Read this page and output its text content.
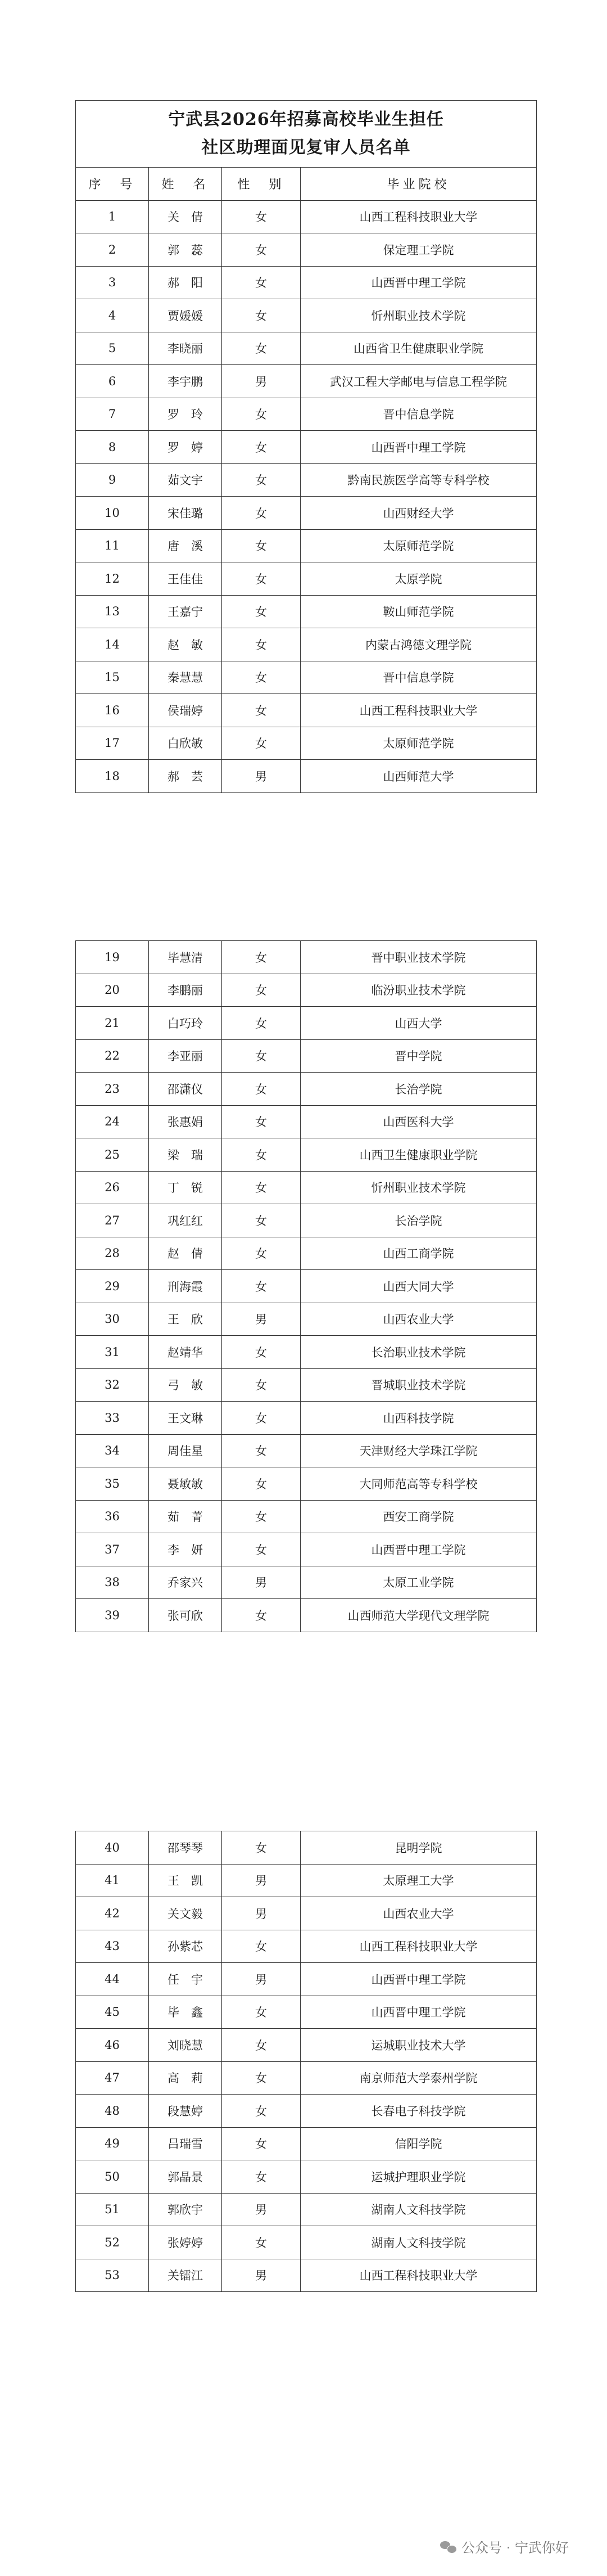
宁武县2026年招募高校毕业生担任
社区助理面见复审人员名单			

序　号	姓　名	性　别	毕业院校
1	关　倩	女	山西工程科技职业大学
2	郭　蕊	女	保定理工学院
3	郝　阳	女	山西晋中理工学院
4	贾媛媛	女	忻州职业技术学院
5	李晓丽	女	山西省卫生健康职业学院
6	李宇鹏	男	武汉工程大学邮电与信息工程学院
7	罗　玲	女	晋中信息学院
8	罗　婷	女	山西晋中理工学院
9	茹文宇	女	黔南民族医学高等专科学校
10	宋佳璐	女	山西财经大学
11	唐　溪	女	太原师范学院
12	王佳佳	女	太原学院
13	王嘉宁	女	鞍山师范学院
14	赵　敏	女	内蒙古鸿德文理学院
15	秦慧慧	女	晋中信息学院
16	侯瑞婷	女	山西工程科技职业大学
17	白欣敏	女	太原师范学院
18	郝　芸	男	山西师范大学
19	毕慧清	女	晋中职业技术学院
20	李鹏丽	女	临汾职业技术学院
21	白巧玲	女	山西大学
22	李亚丽	女	晋中学院
23	邵潇仪	女	长治学院
24	张惠娟	女	山西医科大学
25	梁　瑞	女	山西卫生健康职业学院
26	丁　锐	女	忻州职业技术学院
27	巩红红	女	长治学院
28	赵　倩	女	山西工商学院
29	刑海霞	女	山西大同大学
30	王　欣	男	山西农业大学
31	赵靖华	女	长治职业技术学院
32	弓　敏	女	晋城职业技术学院
33	王文琳	女	山西科技学院
34	周佳星	女	天津财经大学珠江学院
35	聂敏敏	女	大同师范高等专科学校
36	茹　菁	女	西安工商学院
37	李　妍	女	山西晋中理工学院
38	乔家兴	男	太原工业学院
39	张可欣	女	山西师范大学现代文理学院
40	邵琴琴	女	昆明学院
41	王　凯	男	太原理工大学
42	关文毅	男	山西农业大学
43	孙紫芯	女	山西工程科技职业大学
44	任　宇	男	山西晋中理工学院
45	毕　鑫	女	山西晋中理工学院
46	刘晓慧	女	运城职业技术大学
47	高　莉	女	南京师范大学泰州学院
48	段慧婷	女	长春电子科技学院
49	吕瑞雪	女	信阳学院
50	郭晶景	女	运城护理职业学院
51	郭欣宇	男	湖南人文科技学院
52	张婷婷	女	湖南人文科技学院
53	关镭江	男	山西工程科技职业大学
公众号 · 宁武你好
